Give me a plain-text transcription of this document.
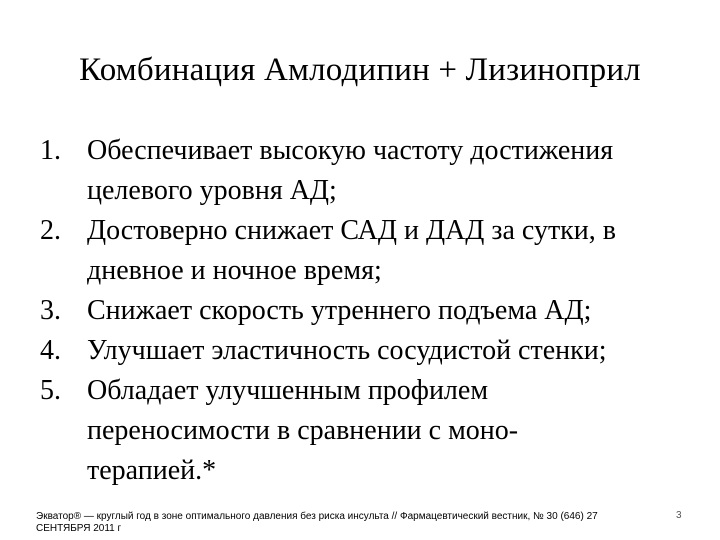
Комбинация Амлодипин + Лизиноприл
1. Обеспечивает высокую частоту достижения
целевого уровня АД;
2. Достоверно снижает САД и ДАД за сутки, в
дневное и ночное время;
3. Снижает скорость утреннего подъема АД;
4. Улучшает эластичность сосудистой стенки;
5. Обладает улучшенным профилем
переносимости в сравнении с моно-
терапией.*
Экватор® — круглый год в зоне оптимального давления без риска инсульта // Фармацевтический вестник, № 30 (646) 27
СЕНТЯБРЯ 2011 г
3
